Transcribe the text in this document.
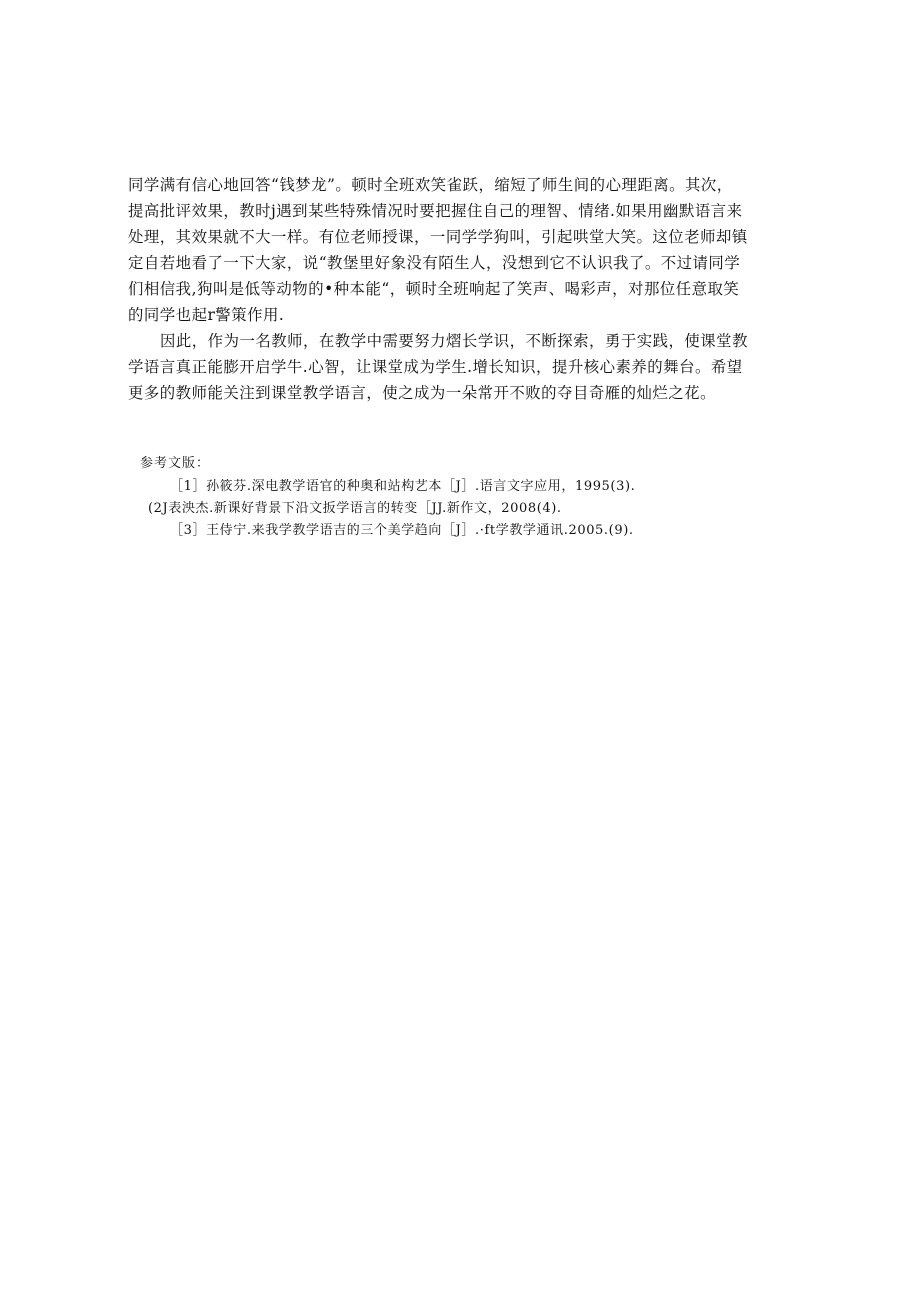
同学满有信心地回答“钱梦龙”。顿时全班欢笑雀跃，缩短了师生间的心理距离。其次，
提高批评效果，教时j遇到某些特殊情况时要把握住自己的理智、情绪.如果用幽默语言来
处理，其效果就不大一样。有位老师授课，一同学学狗叫，引起哄堂大笑。这位老师却镇
定自若地看了一下大家，说“教堡里好象没有陌生人，没想到它不认识我了。不过请同学
们相信我,狗叫是低等动物的•种本能“，顿时全班响起了笑声、喝彩声，对那位任意取笑
的同学也起r警策作用.

因此，作为一名教师，在教学中需要努力熠长学识，不断探索，勇于实践，使课堂教
学语言真正能膨开启学牛.心智，让课堂成为学生.增长知识，提升核心素养的舞台。希望
更多的教师能关注到课堂教学语言，使之成为一朵常开不败的夺目奇雁的灿烂之花。

参考文版：
［1］孙筱芬.深电教学语官的种奥和站构艺本［J］.语言文字应用，1995(3).
(2J表泱杰.新课好背景下沿文扳学语言的转变［JJ.新作文，2008(4).
［3］王侍宁.来我学教学语吉的三个美学趋向［J］.·ft学教学通讯.2005.(9).
